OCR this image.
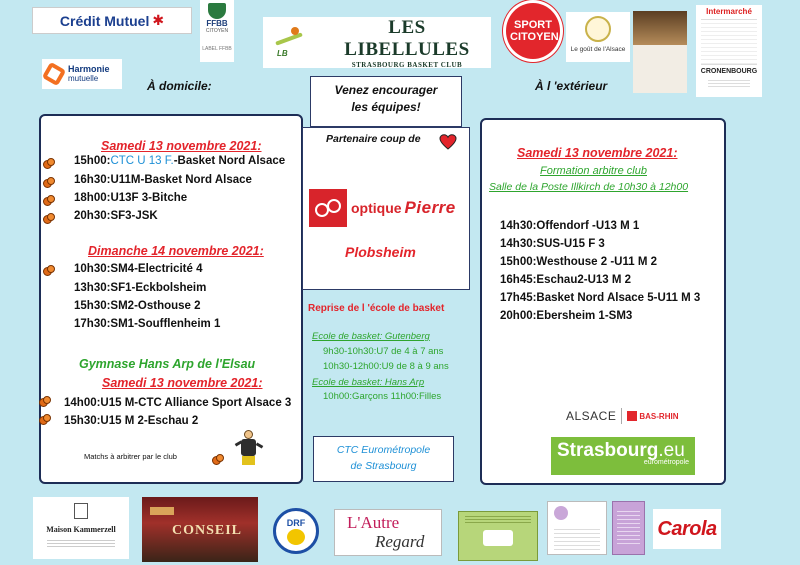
Crédit Mutuel ✱	FFBB
CITOYEN
LABEL FFBB
Harmonie
mutuelle
LB
LES LIBELLULES
STRASBOURG BASKET CLUB
SPORT CITOYEN
Le goût de l'Alsace
Intermarché
CRONENBOURG
À domicile:	À l 'extérieur
Venez encourager
les équipes!
Samedi 13 novembre 2021:
15h00:CTC U 13 F.-Basket Nord Alsace
16h30:U11M-Basket Nord Alsace
18h00:U13F 3-Bitche
20h30:SF3-JSK
Dimanche 14 novembre 2021:
10h30:SM4-Electricité 4
13h30:SF1-Eckbolsheim
15h30:SM2-Osthouse 2
17h30:SM1-Soufflenheim 1
Gymnase Hans Arp de l'Elsau
Samedi 13 novembre 2021:
14h00:U15 M-CTC Alliance Sport Alsace 3
15h30:U15 M 2-Eschau 2
Matchs à arbitrer par le club
Partenaire coup de
optique Pierre
Plobsheim
Reprise de l 'école de basket
Ecole de basket: Gutenberg
9h30-10h30:U7 de 4 à 7 ans
10h30-12h00:U9 de 8 à 9 ans
Ecole de basket: Hans Arp
10h00:Garçons 11h00:Filles
CTC Eurométropole
de Strasbourg
Samedi 13 novembre 2021:
Formation arbitre club
Salle de la Poste Illkirch de 10h30 à 12h00
14h30:Offendorf -U13 M 1
14h30:SUS-U15 F 3
15h00:Westhouse 2 -U11 M 2
16h45:Eschau2-U13 M 2
17h45:Basket Nord Alsace 5-U11 M 3
20h00:Ebersheim 1-SM3
ALSACE	BAS-RHIN
Strasbourg.eu
eurométropole
Maison Kammerzell	CONSEIL
DRF L'Autre
Regard
Carola
